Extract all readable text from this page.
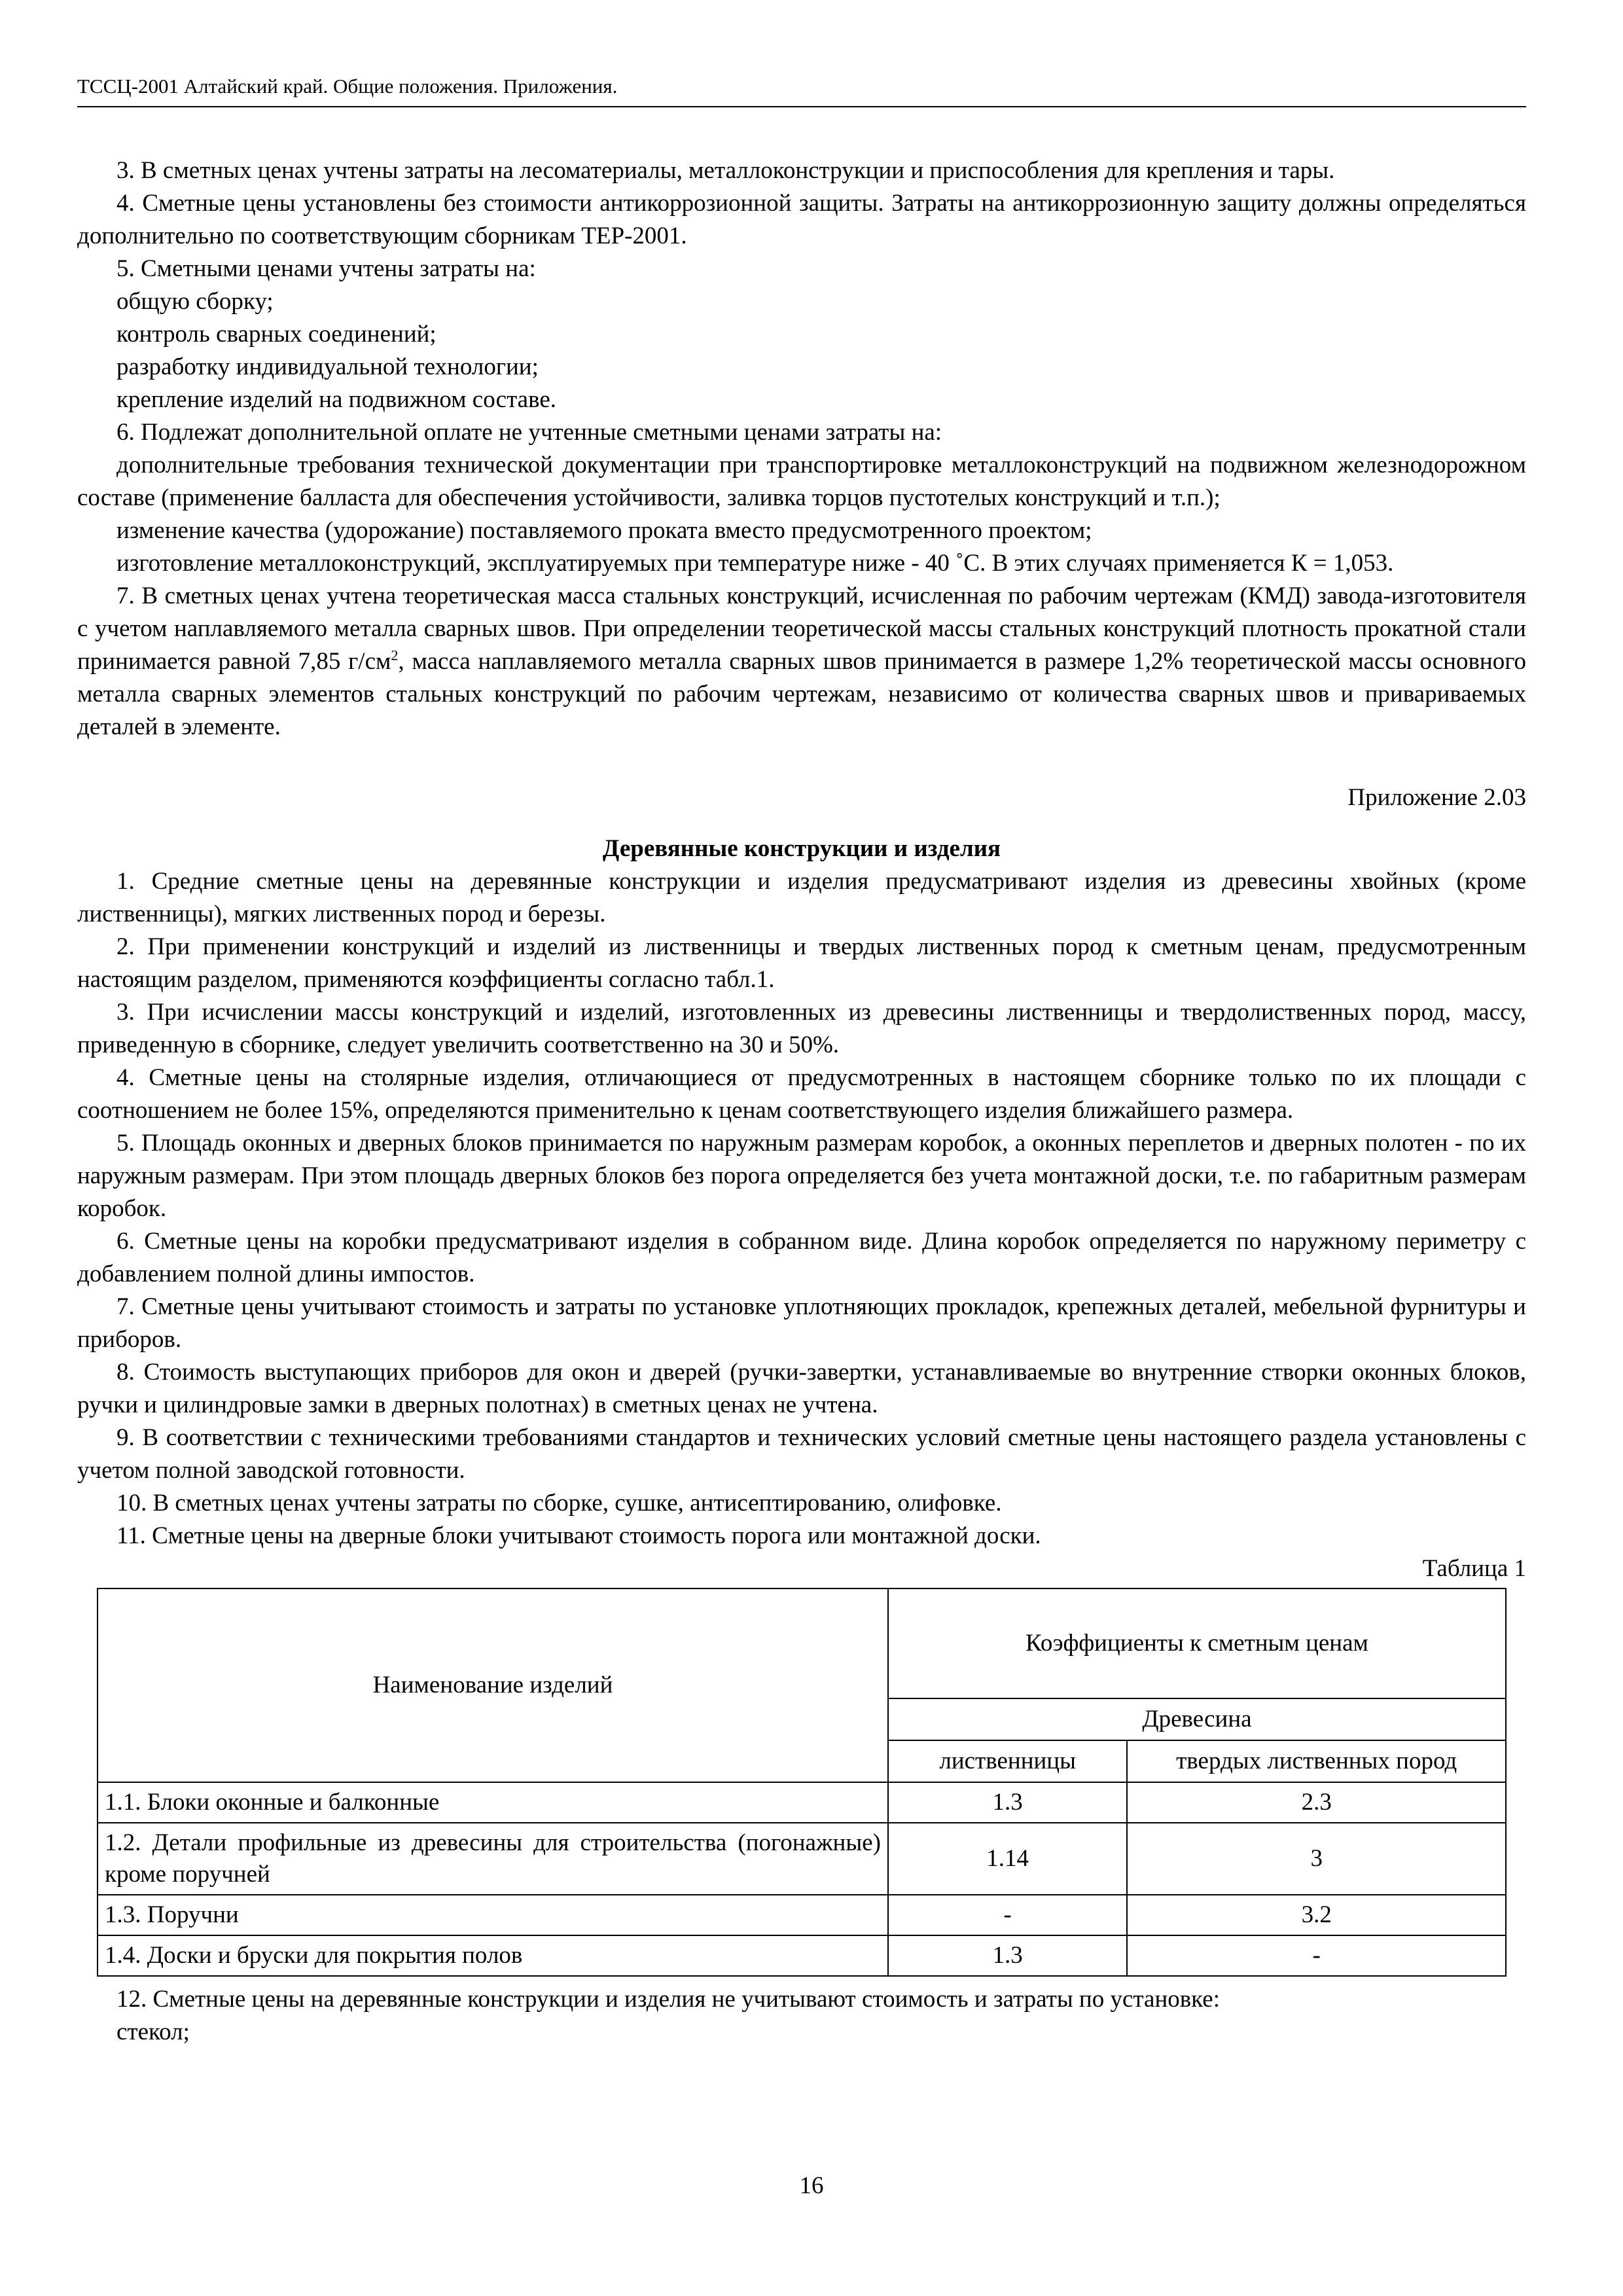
ТССЦ-2001 Алтайский край. Общие положения. Приложения.

3. В сметных ценах учтены затраты на лесоматериалы, металлоконструкции и приспособления для крепления и тары.

4. Сметные цены установлены без стоимости антикоррозионной защиты. Затраты на антикоррозионную защиту должны определяться дополнительно по соответствующим сборникам ТЕР-2001.

5. Сметными ценами учтены затраты на:

общую сборку;

контроль сварных соединений;

разработку индивидуальной технологии;

крепление изделий на подвижном составе.

6. Подлежат дополнительной оплате не учтенные сметными ценами затраты на:

дополнительные требования технической документации при транспортировке металлоконструкций на подвижном железнодорожном составе (применение балласта для обеспечения устойчивости, заливка торцов пустотелых конструкций и т.п.);

изменение качества (удорожание) поставляемого проката вместо предусмотренного проектом;

изготовление металлоконструкций, эксплуатируемых при температуре ниже - 40 ˚С. В этих случаях применяется К = 1,053.

7. В сметных ценах учтена теоретическая масса стальных конструкций, исчисленная по рабочим чертежам (КМД) завода-изготовителя с учетом наплавляемого металла сварных швов. При определении теоретической массы стальных конструкций плотность прокатной стали принимается равной 7,85 $г/см^2$, масса наплавляемого металла сварных швов принимается в размере 1,2% теоретической массы основного металла сварных элементов стальных конструкций по рабочим чертежам, независимо от количества сварных швов и привариваемых деталей в элементе.

Приложение 2.03

Деревянные конструкции и изделия

1. Средние сметные цены на деревянные конструкции и изделия предусматривают изделия из древесины хвойных (кроме лиственницы), мягких лиственных пород и березы.

2. При применении конструкций и изделий из лиственницы и твердых лиственных пород к сметным ценам, предусмотренным настоящим разделом, применяются коэффициенты согласно табл.1.

3. При исчислении массы конструкций и изделий, изготовленных из древесины лиственницы и твердолиственных пород, массу, приведенную в сборнике, следует увеличить соответственно на 30 и 50%.

4. Сметные цены на столярные изделия, отличающиеся от предусмотренных в настоящем сборнике только по их площади с соотношением не более 15%, определяются применительно к ценам соответствующего изделия ближайшего размера.

5. Площадь оконных и дверных блоков принимается по наружным размерам коробок, а оконных переплетов и дверных полотен - по их наружным размерам. При этом площадь дверных блоков без порога определяется без учета монтажной доски, т.е. по габаритным размерам коробок.

6. Сметные цены на коробки предусматривают изделия в собранном виде. Длина коробок определяется по наружному периметру с добавлением полной длины импостов.

7. Сметные цены учитывают стоимость и затраты по установке уплотняющих прокладок, крепежных деталей, мебельной фурнитуры и приборов.

8. Стоимость выступающих приборов для окон и дверей (ручки-завертки, устанавливаемые во внутренние створки оконных блоков, ручки и цилиндровые замки в дверных полотнах) в сметных ценах не учтена.

9. В соответствии с техническими требованиями стандартов и технических условий сметные цены настоящего раздела установлены с учетом полной заводской готовности.

10. В сметных ценах учтены затраты по сборке, сушке, антисептированию, олифовке.

11. Сметные цены на дверные блоки учитывают стоимость порога или монтажной доски.

Таблица 1

Наименование изделий	Коэффициенты к сметным ценам	
	Древесина	
	лиственницы	твердых лиственных пород
1.1. Блоки оконные и балконные	1.3	2.3
1.2. Детали профильные из древесины для строительства (погонажные) кроме поручней	1.14	3
1.3. Поручни	-	3.2
1.4. Доски и бруски для покрытия полов	1.3	-

12. Сметные цены на деревянные конструкции и изделия не учитывают стоимость и затраты по установке:

стекол;

16
